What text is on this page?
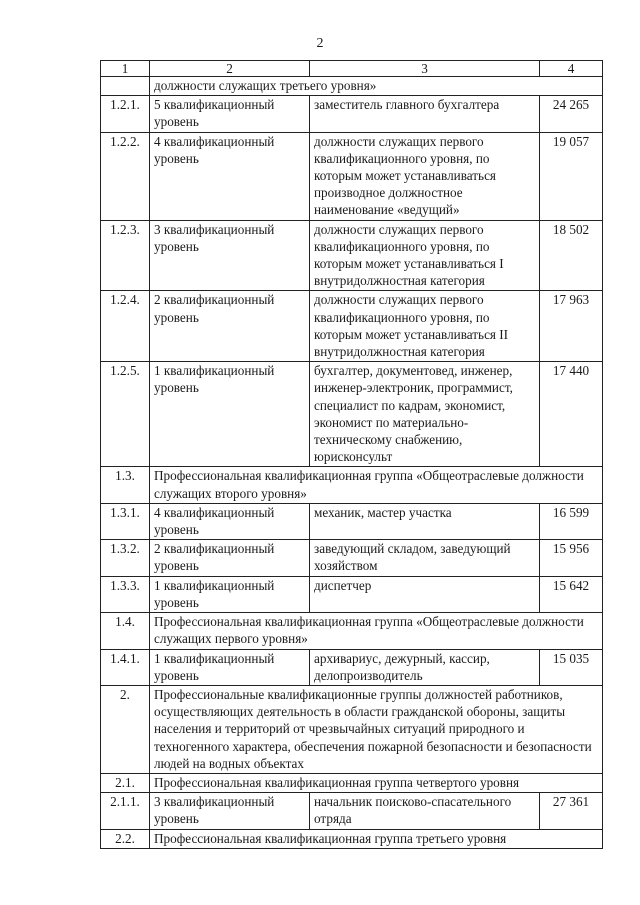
2
1	2	3	4
	должности служащих третьего уровня»		
1.2.1.	5 квалификационный уровень	заместитель главного бухгалтера	24 265
1.2.2.	4 квалификационный уровень	должности служащих первого квалификационного уровня, по которым может устанавливаться производное должностное наименование «ведущий»	19 057
1.2.3.	3 квалификационный уровень	должности служащих первого квалификационного уровня, по которым может устанавливаться I внутридолжностная категория	18 502
1.2.4.	2 квалификационный уровень	должности служащих первого квалификационного уровня, по которым может устанавливаться II внутридолжностная категория	17 963
1.2.5.	1 квалификационный уровень	бухгалтер, документовед, инженер, инженер-электроник, программист, специалист по кадрам, экономист, экономист по материально-техническому снабжению, юрисконсульт	17 440
1.3.	Профессиональная квалификационная группа «Общеотраслевые должности служащих второго уровня»		
1.3.1.	4 квалификационный уровень	механик, мастер участка	16 599
1.3.2.	2 квалификационный уровень	заведующий складом, заведующий хозяйством	15 956
1.3.3.	1 квалификационный уровень	диспетчер	15 642
1.4.	Профессиональная квалификационная группа «Общеотраслевые должности служащих первого уровня»		
1.4.1.	1 квалификационный уровень	архивариус, дежурный, кассир, делопроизводитель	15 035
2.	Профессиональные квалификационные группы должностей работников, осуществляющих деятельность в области гражданской обороны, защиты населения и территорий от чрезвычайных ситуаций природного и техногенного характера, обеспечения пожарной безопасности и безопасности людей на водных объектах		
2.1.	Профессиональная квалификационная группа четвертого уровня		
2.1.1.	3 квалификационный уровень	начальник поисково-спасательного отряда	27 361
2.2.	Профессиональная квалификационная группа третьего уровня		
